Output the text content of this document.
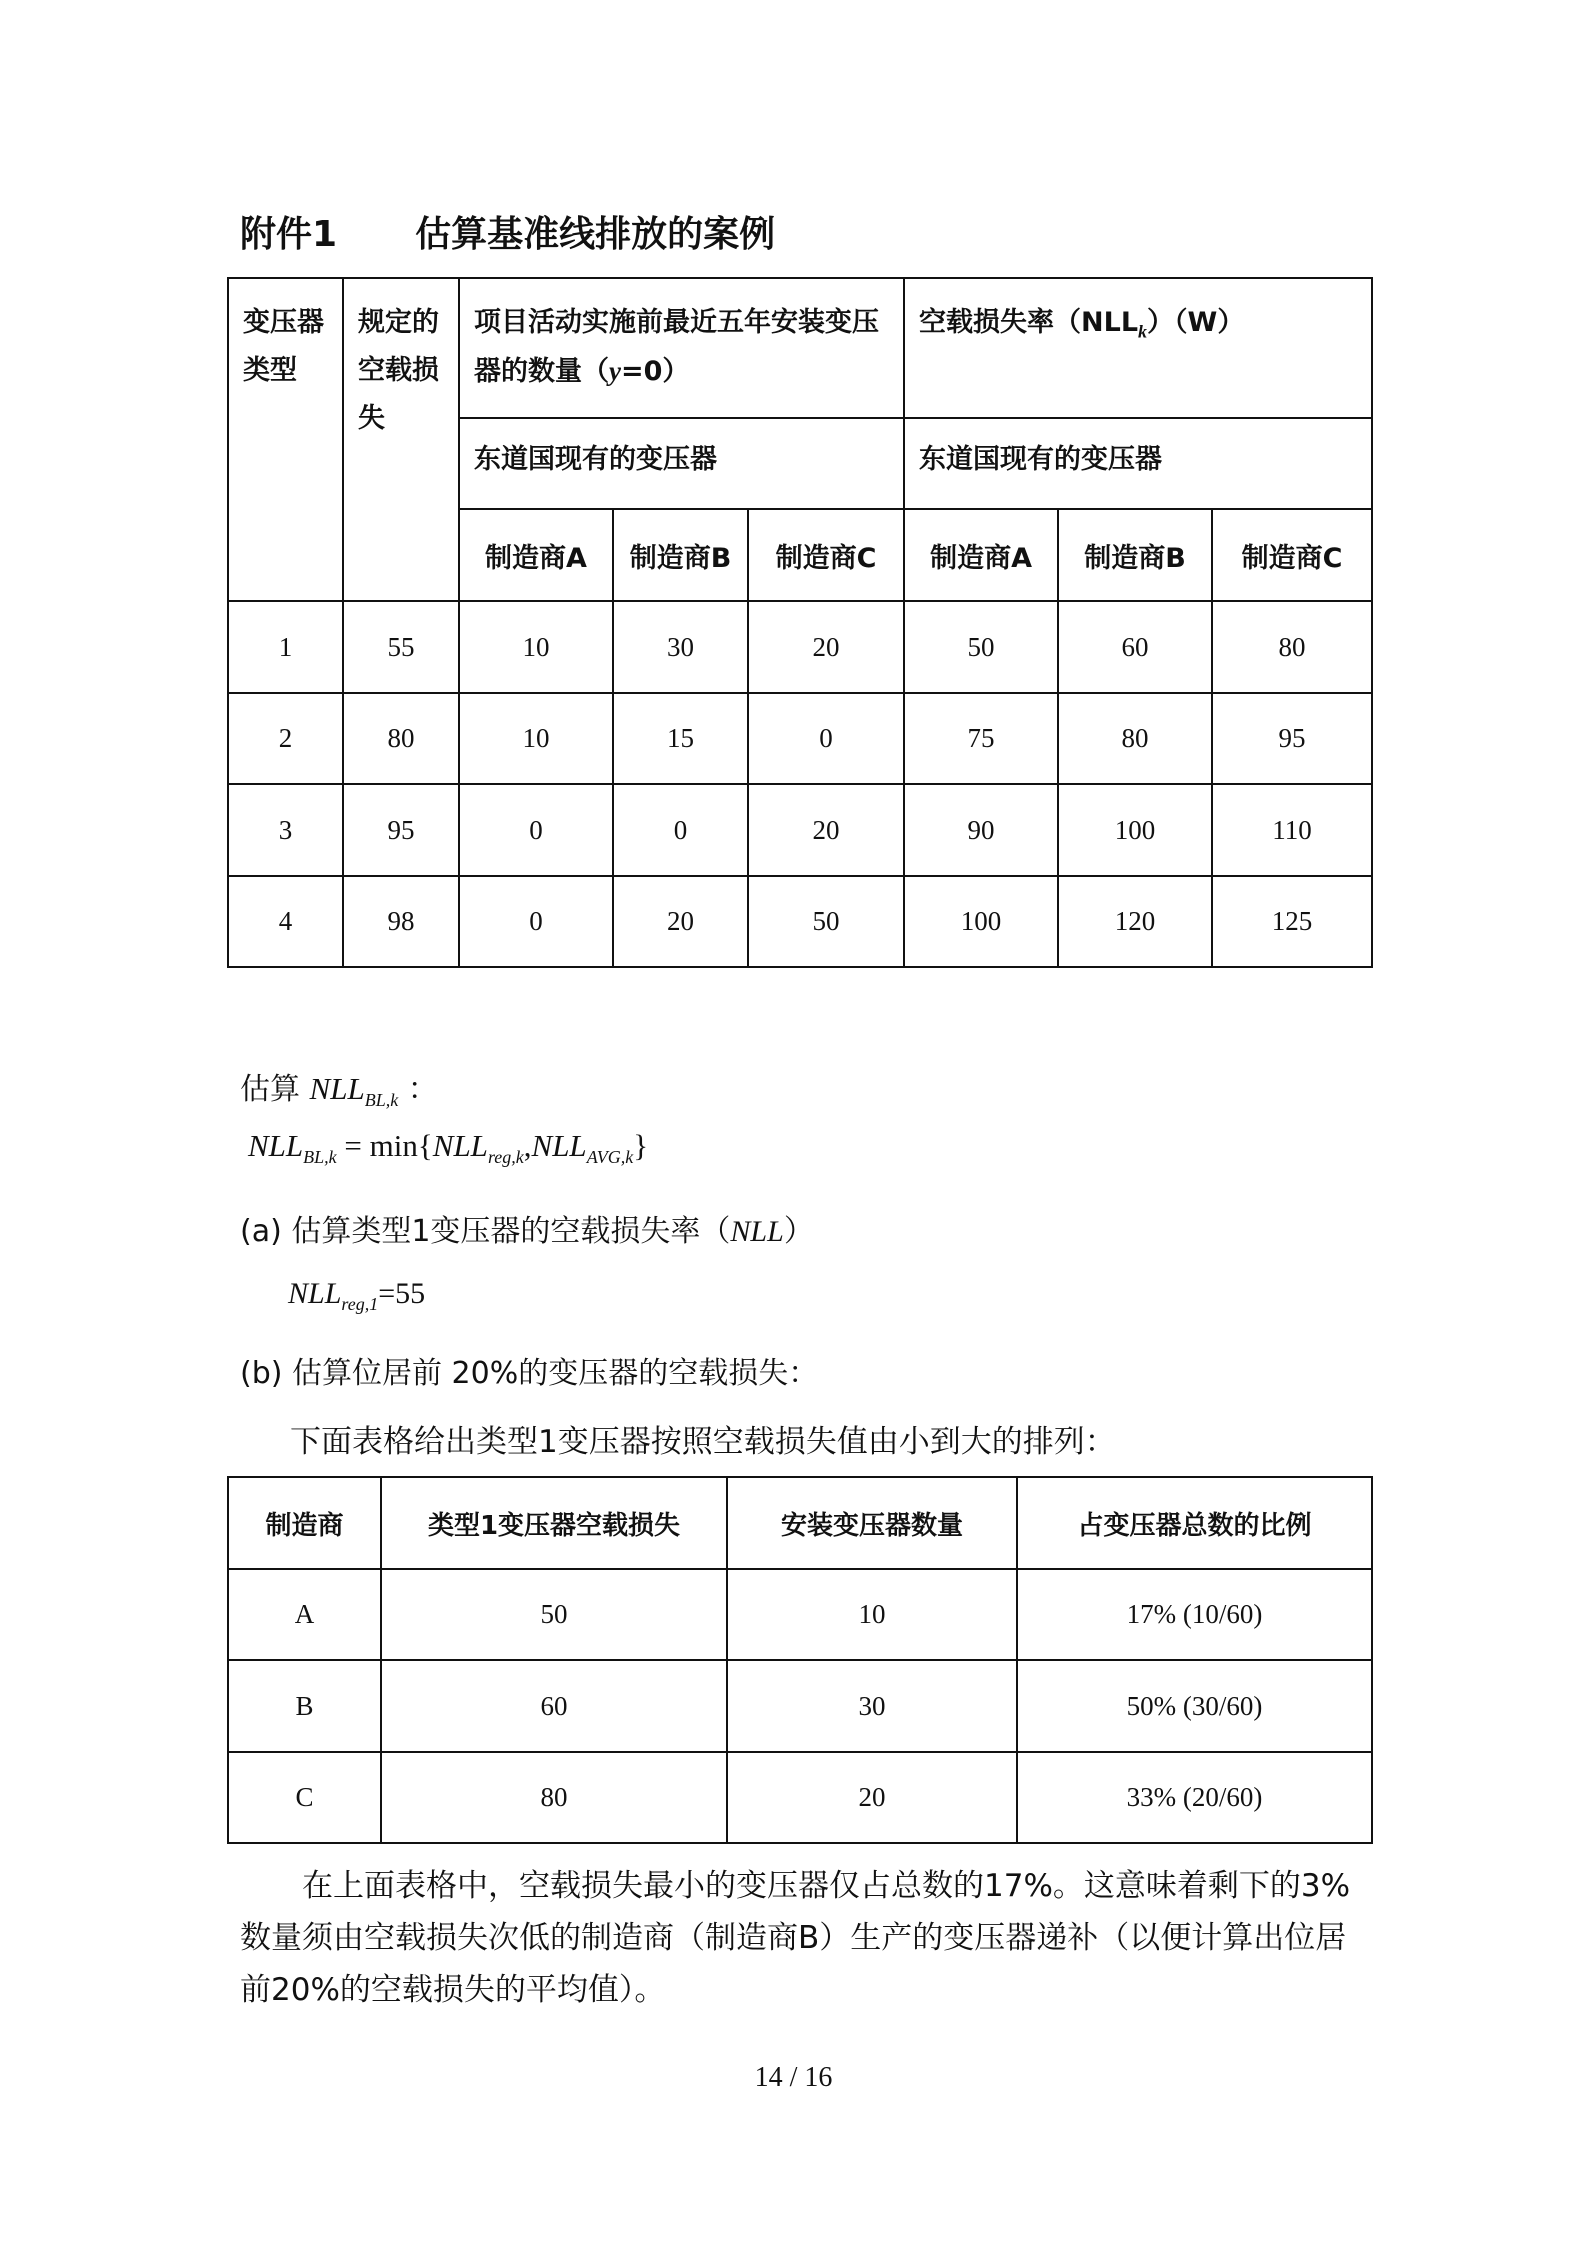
附件1 估算基准线排放的案例
变压器类型	规定的空载损失	项目活动实施前最近五年安装变压器的数量（y=0）			空载损失率$(NLL_k)(W)$		
		东道国现有的变压器			东道国现有的变压器		
		制造商A	制造商B	制造商C	制造商A	制造商B	制造商C
1	55	10	30	20	50	60	80
2	80	10	15	0	75	80	95
3	95	0	0	20	90	100	110
4	98	0	20	50	100	120	125
估算 $NLL_{BL,k}$ ：
$NLL_{BL,k} = \min\{NLL_{reg,k},NLL_{AVG,k}\}$
(a) 估算类型1变压器的空载损失率（NLL）
$NLL_{reg,1}=55$
(b) 估算位居前 20%的变压器的空载损失：
下面表格给出类型1变压器按照空载损失值由小到大的排列：
制造商	类型1变压器空载损失	安装变压器数量	占变压器总数的比例
A	50	10	17% (10/60)
B	60	30	50% (30/60)
C	80	20	33% (20/60)
在上面表格中，空载损失最小的变压器仅占总数的17%。这意味着剩下的3%数量须由空载损失次低的制造商（制造商B）生产的变压器递补（以便计算出位居前20%的空载损失的平均值）。
14 / 16
